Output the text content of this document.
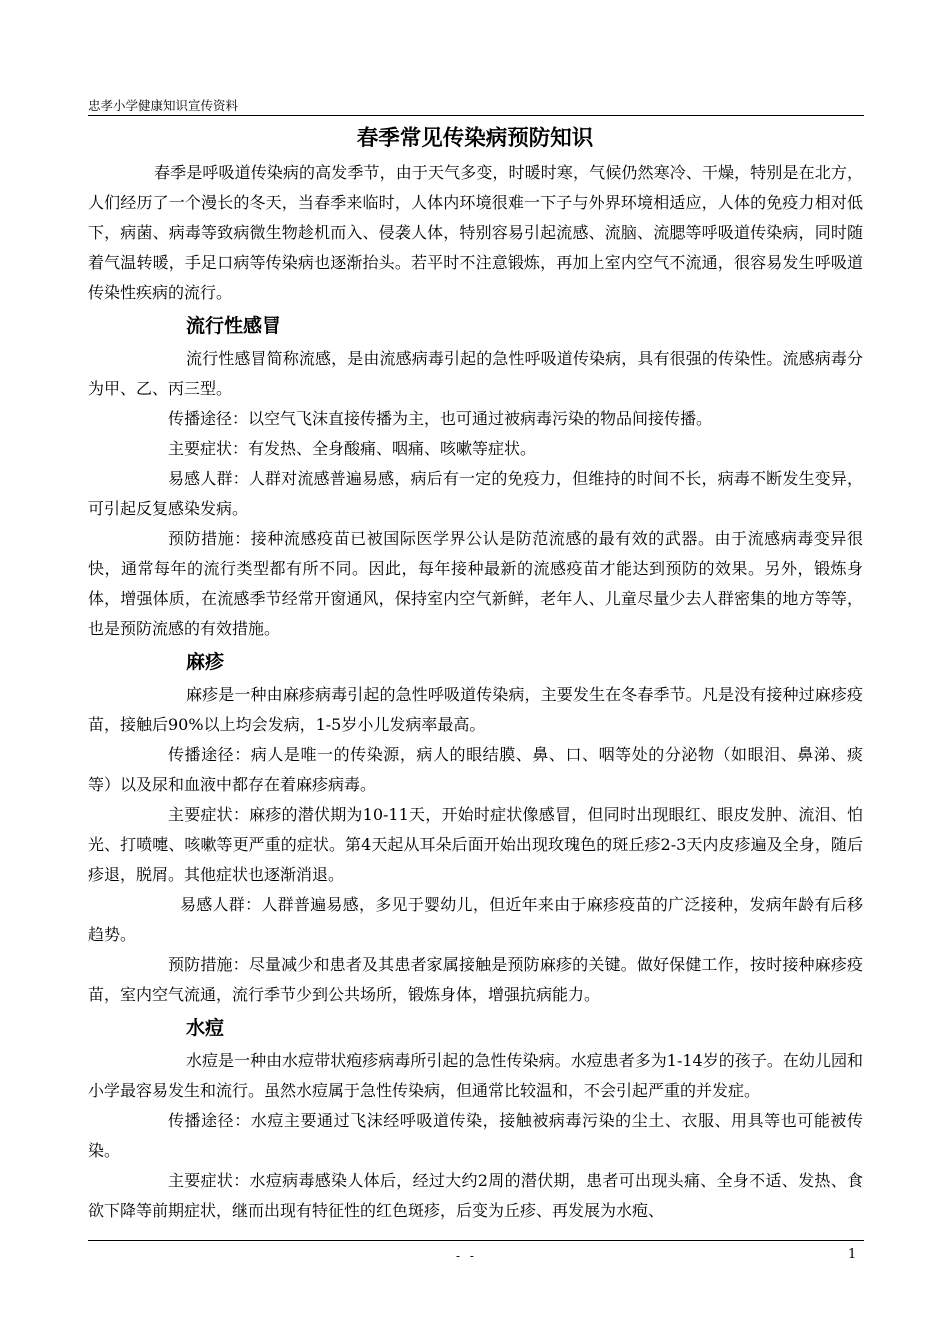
忠孝小学健康知识宣传资料
春季常见传染病预防知识

春季是呼吸道传染病的高发季节，由于天气多变，时暖时寒，气候仍然寒冷、干燥，特别是在北方，人们经历了一个漫长的冬天，当春季来临时，人体内环境很难一下子与外界环境相适应，人体的免疫力相对低下，病菌、病毒等致病微生物趁机而入、侵袭人体，特别容易引起流感、流脑、流腮等呼吸道传染病，同时随着气温转暖，手足口病等传染病也逐渐抬头。若平时不注意锻炼，再加上室内空气不流通，很容易发生呼吸道传染性疾病的流行。

流行性感冒

流行性感冒简称流感，是由流感病毒引起的急性呼吸道传染病，具有很强的传染性。流感病毒分为甲、乙、丙三型。

传播途径：以空气飞沫直接传播为主，也可通过被病毒污染的物品间接传播。

主要症状：有发热、全身酸痛、咽痛、咳嗽等症状。

易感人群：人群对流感普遍易感，病后有一定的免疫力，但维持的时间不长，病毒不断发生变异，可引起反复感染发病。

预防措施：接种流感疫苗已被国际医学界公认是防范流感的最有效的武器。由于流感病毒变异很快，通常每年的流行类型都有所不同。因此，每年接种最新的流感疫苗才能达到预防的效果。另外，锻炼身体，增强体质，在流感季节经常开窗通风，保持室内空气新鲜，老年人、儿童尽量少去人群密集的地方等等，也是预防流感的有效措施。

麻疹

麻疹是一种由麻疹病毒引起的急性呼吸道传染病，主要发生在冬春季节。凡是没有接种过麻疹疫苗，接触后90%以上均会发病，1-5岁小儿发病率最高。

传播途径：病人是唯一的传染源，病人的眼结膜、鼻、口、咽等处的分泌物（如眼泪、鼻涕、痰等）以及尿和血液中都存在着麻疹病毒。

主要症状：麻疹的潜伏期为10-11天，开始时症状像感冒，但同时出现眼红、眼皮发肿、流泪、怕光、打喷嚏、咳嗽等更严重的症状。第4天起从耳朵后面开始出现玫瑰色的斑丘疹2-3天内皮疹遍及全身，随后疹退，脱屑。其他症状也逐渐消退。

易感人群：人群普遍易感，多见于婴幼儿，但近年来由于麻疹疫苗的广泛接种，发病年龄有后移趋势。

预防措施：尽量减少和患者及其患者家属接触是预防麻疹的关键。做好保健工作，按时接种麻疹疫苗，室内空气流通，流行季节少到公共场所，锻炼身体，增强抗病能力。

水痘

水痘是一种由水痘带状疱疹病毒所引起的急性传染病。水痘患者多为1-14岁的孩子。在幼儿园和小学最容易发生和流行。虽然水痘属于急性传染病，但通常比较温和，不会引起严重的并发症。

传播途径：水痘主要通过飞沫经呼吸道传染，接触被病毒污染的尘土、衣服、用具等也可能被传染。

主要症状：水痘病毒感染人体后，经过大约2周的潜伏期，患者可出现头痛、全身不适、发热、食欲下降等前期症状，继而出现有特征性的红色斑疹，后变为丘疹、再发展为水疱、

- -	1
